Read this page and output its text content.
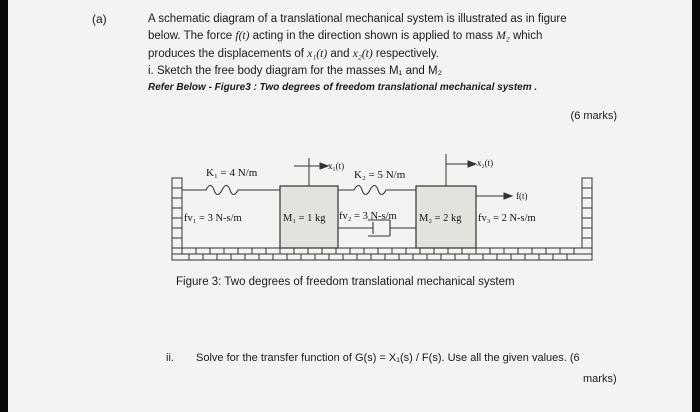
(a)	A schematic diagram of a translational mechanical system is illustrated as in figure
below. The force f(t) acting in the direction shown is applied to mass M₂ which
produces the displacements of x₁(t) and x₂(t) respectively.
i. Sketch the free body diagram for the masses M₁ and M₂
Refer Below - Figure3 : Two degrees of freedom translational mechanical system .
(6 marks)
K₁ = 4 N/m
x₁(t)
K₂ = 5 N/m
x₂(t)
f(t)
fv₁ = 3 N-s/m	M₁ = 1 kg fv₂ = 3 N-s/m M₂ = 2 kg fv₃ = 2 N-s/m
Figure 3: Two degrees of freedom translational mechanical system
ii. Solve for the transfer function of G(s) = X₁(s) / F(s). Use all the given values. (6
marks)
